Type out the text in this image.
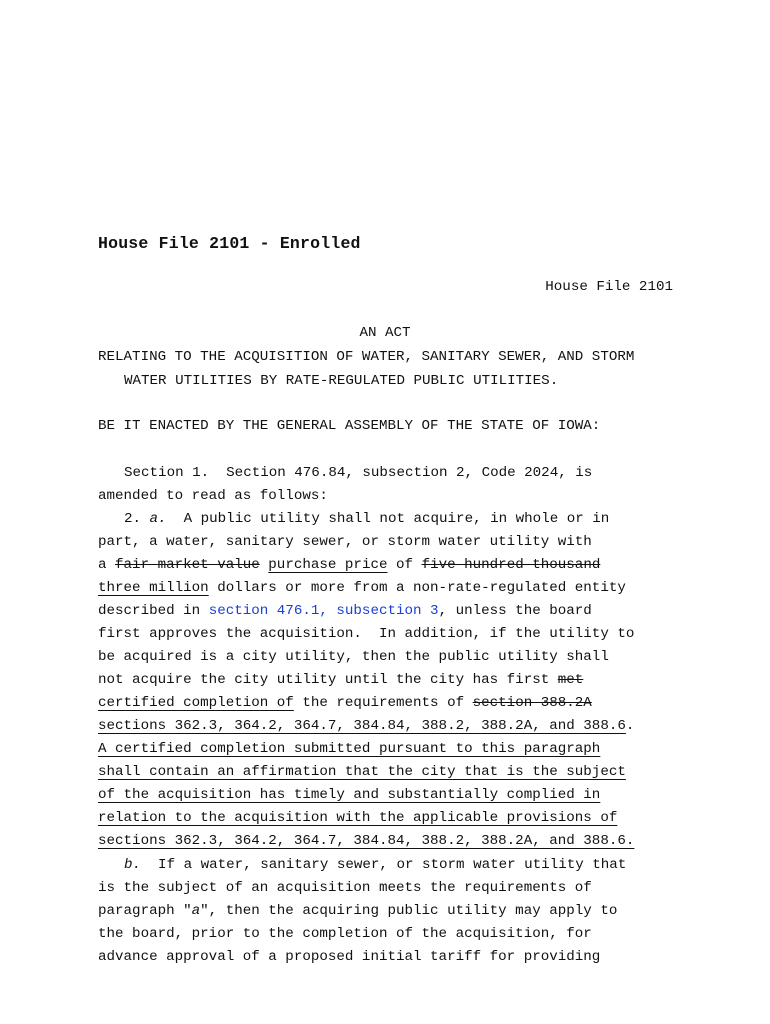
House File 2101 - Enrolled
House File 2101
AN ACT
RELATING TO THE ACQUISITION OF WATER, SANITARY SEWER, AND STORM
WATER UTILITIES BY RATE-REGULATED PUBLIC UTILITIES.
BE IT ENACTED BY THE GENERAL ASSEMBLY OF THE STATE OF IOWA:
Section 1.  Section 476.84, subsection 2, Code 2024, is
amended to read as follows:
2. a.  A public utility shall not acquire, in whole or in
part, a water, sanitary sewer, or storm water utility with
a fair market value purchase price of five hundred thousand
three million dollars or more from a non-rate-regulated entity
described in section 476.1, subsection 3, unless the board
first approves the acquisition.  In addition, if the utility to
be acquired is a city utility, then the public utility shall
not acquire the city utility until the city has first met
certified completion of the requirements of section 388.2A
sections 362.3, 364.2, 364.7, 384.84, 388.2, 388.2A, and 388.6.
A certified completion submitted pursuant to this paragraph
shall contain an affirmation that the city that is the subject
of the acquisition has timely and substantially complied in
relation to the acquisition with the applicable provisions of
sections 362.3, 364.2, 364.7, 384.84, 388.2, 388.2A, and 388.6.
b.  If a water, sanitary sewer, or storm water utility that
is the subject of an acquisition meets the requirements of
paragraph "a", then the acquiring public utility may apply to
the board, prior to the completion of the acquisition, for
advance approval of a proposed initial tariff for providing
